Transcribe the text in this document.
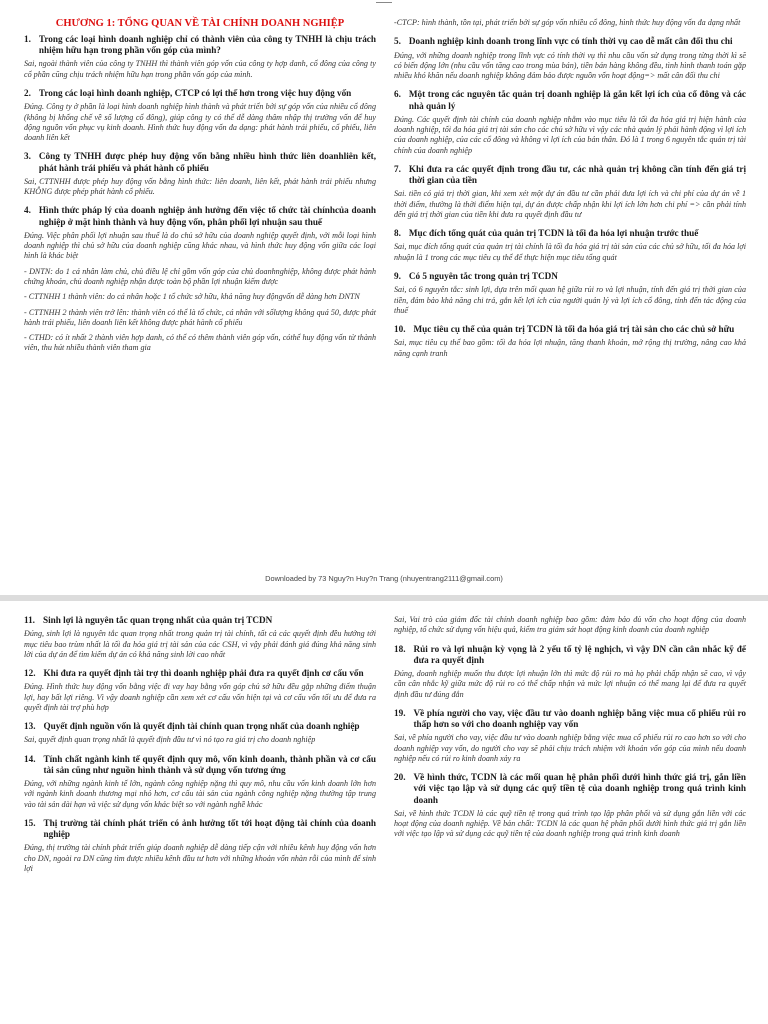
CHƯƠNG 1: TỔNG QUAN VỀ TÀI CHÍNH DOANH NGHIỆP
1. Trong các loại hình doanh nghiệp chỉ có thành viên của công ty TNHH là chịu trách nhiệm hữu hạn trong phần vốn góp của mình?

Sai, ngoài thành viên của công ty TNHH thì thành viên góp vốn của công ty hợp danh, cổ đông của công ty cổ phần cũng chịu trách nhiệm hữu hạn trong phần vốn góp của mình.

2. Trong các loại hình doanh nghiệp, CTCP có lợi thế hơn trong việc huy động vốn

Đúng. Công ty ở phần là loại hình doanh nghiệp hình thành và phát triển bởi sự góp vốn của nhiều cổ đông (không bị khống chế về số lượng cổ đông), giúp công ty có thể dễ dàng thâm nhập thị trường vốn để huy động nguồn vốn phục vụ kinh doanh. Hình thức huy động vốn đa dạng: phát hành trái phiếu, cổ phiếu, liên doanh liên kết

3. Công ty TNHH được phép huy động vốn bằng nhiều hình thức liên doanhliên kết, phát hành trái phiếu và phát hành cổ phiếu

Sai, CTTNHH được phép huy động vốn bằng hình thức: liên doanh, liên kết, phát hành trái phiếu nhưng KHÔNG được phép phát hành cổ phiếu.

4. Hình thức pháp lý của doanh nghiệp ảnh hưởng đến việc tổ chức tài chínhcủa doanh nghiệp ở mặt hình thành và huy động vốn, phân phối lợi nhuận sau thuế

Đúng. Việc phân phối lợi nhuận sau thuế là do chủ sở hữu của doanh nghiệp quyết định, với mỗi loại hình doanh nghiệp thì chủ sở hữu của doanh nghiệp cũng khác nhau, và hình thức huy động vốn giữa các loại hình là khác biệt

- DNTN: do 1 cá nhân làm chủ, chủ điều lệ chỉ gồm vốn góp của chủ doanhnghiệp, không được phát hành chứng khoán, chủ doanh nghiệp nhận được toàn bộ phần lợi nhuận kiếm được

- CTTNHH 1 thành viên: do cá nhân hoặc 1 tổ chức sở hữu, khả năng huy độngvốn dễ dàng hơn DNTN

- CTTNHH 2 thành viên trở lên: thành viên có thể là tổ chức, cá nhân với sốlượng không quá 50, được phát hành trái phiếu, liên doanh liên kết không được phát hành cổ phiếu

- CTHD: có ít nhất 2 thành viên hợp danh, có thể có thêm thành viên góp vốn, cóthể huy động vốn từ thành viên, thu hút nhiều thành viên tham gia

-CTCP: hình thành, tồn tại, phát triển bởi sự góp vốn nhiều cổ đông, hình thức huy động vốn đa dạng nhất

5. Doanh nghiệp kinh doanh trong lĩnh vực có tính thời vụ cao dễ mất cân đối thu chi

Đúng, với những doanh nghiệp trong lĩnh vực có tính thời vụ thì nhu cầu vốn sử dụng trong từng thời kì sẽ có biến động lớn (nhu cầu vốn tăng cao trong mùa bán), tiền bán hàng không đều, tình hình thanh toán gặp nhiều khó khăn nếu doanh nghiệp không đảm bảo được nguồn vốn hoạt động=> mất cân đối thu chi

6. Một trong các nguyên tắc quản trị doanh nghiệp là gắn kết lợi ích của cổ đông và các nhà quản lý

Đúng. Các quyết định tài chính của doanh nghiệp nhằm vào mục tiêu là tối đa hóa giá trị hiện hành của doanh nghiệp, tối đa hóa giá trị tài sản cho các chủ sở hữu vì vậy các nhà quản lý phải hành động vì lợi ích của doanh nghiệp, của các cổ đông và không vì lợi ích của bản thân. Đó là 1 trong 6 nguyên tắc quản trị tài chính của doanh nghiệp

7. Khi đưa ra các quyết định trong đầu tư, các nhà quản trị không cần tính đến giá trị thời gian của tiền

Sai. tiền có giá trị thời gian, khi xem xét một dự án đầu tư cần phải đưa lợi ích và chi phí của dự án về 1 thời điểm, thường là thời điểm hiện tại, dự án được chấp nhận khi lợi ích lớn hơn chi phí => cần phải tính đến giá trị thời gian của tiền khi đưa ra quyết định đầu tư

8. Mục đích tổng quát của quản trị TCDN là tối đa hóa lợi nhuận trước thuế

Sai, mục đích tổng quát của quản trị tài chính là tối đa hóa giá trị tài sản của các chủ sở hữu, tối đa hóa lợi nhuận là 1 trong các mục tiêu cụ thể để thực hiện mục tiêu tổng quát

9. Có 5 nguyên tắc trong quản trị TCDN

Sai, có 6 nguyên tắc: sinh lợi, dựa trên mối quan hệ giữa rủi ro và lợi nhuận, tính đến giá trị thời gian của tiền, đảm bảo khả năng chi trả, gắn kết lợi ích của người quản lý và lợi ích cổ đông, tính đến tác động của thuế

10. Mục tiêu cụ thể của quản trị TCDN là tối đa hóa giá trị tài sản cho các chủ sở hữu

Sai, mục tiêu cụ thể bao gồm: tối đa hóa lợi nhuận, tăng thanh khoản, mở rộng thị trường, nâng cao khả năng cạnh tranh

Downloaded by 73 Nguy?n Huy?n Trang (nhuyentrang2111@gmail.com)
11. Sinh lợi là nguyên tắc quan trọng nhất của quản trị TCDN

Đúng, sinh lợi là nguyên tắc quan trọng nhất trong quản trị tài chính, tất cả các quyết định đều hướng tới mục tiêu bao trùm nhất là tối đa hóa giá trị tài sản của các CSH, vì vậy phải đánh giá đúng khả năng sinh lời của dự án để tìm kiếm dự án có khả năng sinh lời cao nhất

12. Khi đưa ra quyết định tài trợ thì doanh nghiệp phải đưa ra quyết định cơ cấu vốn

Đúng. Hình thức huy động vốn bằng việc đi vay hay bằng vốn góp chủ sở hữu đều gặp những điểm thuận lợi, hay bất lợi riêng. Vì vậy doanh nghiệp cần xem xét cơ cấu vốn hiện tại và cơ cấu vốn tối ưu để đưa ra quyết định tài trợ phù hợp

13. Quyết định nguồn vốn là quyết định tài chính quan trọng nhất của doanh nghiệp

Sai, quyết định quan trọng nhất là quyết định đầu tư vì nó tạo ra giá trị cho doanh nghiệp

14. Tính chất ngành kinh tế quyết định quy mô, vốn kinh doanh, thành phần và cơ cấu tài sản cũng như nguồn hình thành và sử dụng vốn tương ứng

Đúng, với những ngành kinh tế lớn, ngành công nghiệp nặng thì quy mô, nhu cầu vốn kinh doanh lớn hơn với ngành kinh doanh thương mại nhỏ hơn, cơ cấu tài sản của ngành công nghiệp nặng thường tập trung vào tài sản dài hạn và việc sử dụng vốn khác biệt so với ngành nghề khác

15. Thị trường tài chính phát triển có ảnh hưởng tốt tới hoạt động tài chính của doanh nghiệp

Đúng, thị trường tài chính phát triển giúp doanh nghiệp dễ dàng tiếp cận với nhiều kênh huy động vốn hơn cho DN, ngoài ra DN cũng tìm được nhiều kênh đầu tư hơn với những khoản vốn nhàn rỗi của mình để sinh lợi

Sai, Vai trò của giám đốc tài chính doanh nghiệp bao gồm: đảm bảo đủ vốn cho hoạt động của doanh nghiệp, tổ chức sử dụng vốn hiệu quả, kiểm tra giám sát hoạt động kinh doanh của doanh nghiệp

18. Rủi ro và lợi nhuận kỳ vọng là 2 yếu tố tỷ lệ nghịch, vì vậy DN cần cân nhắc kỹ để đưa ra quyết định

Đúng, doanh nghiệp muốn thu được lợi nhuận lớn thì mức độ rủi ro mà họ phải chấp nhận sẽ cao, vì vậy cần cân nhắc kỹ giữa mức độ rủi ro có thể chấp nhận và mức lợi nhuận có thể mang lại để đưa ra quyết định đầu tư đúng đắn

19. Về phía người cho vay, việc đầu tư vào doanh nghiệp bằng việc mua cổ phiếu rủi ro thấp hơn so với cho doanh nghiệp vay vốn

Sai, về phía người cho vay, việc đầu tư vào doanh nghiệp bằng việc mua cổ phiếu rủi ro cao hơn so với cho doanh nghiệp vay vốn, do người cho vay sẽ phải chịu trách nhiệm với khoản vốn góp của mình nếu doanh nghiệp nếu có rủi ro kinh doanh xảy ra

20. Về hình thức, TCDN là các mối quan hệ phân phối dưới hình thức giá trị, gắn liền với việc tạo lập và sử dụng các quỹ tiền tệ của doanh nghiệp trong quá trình kinh doanh

Sai, về hình thức TCDN là các quỹ tiền tệ trong quá trình tạo lập phân phối và sử dụng gắn liền với các hoạt động của doanh nghiệp. Về bản chất: TCDN là các quan hệ phân phối dưới hình thức giá trị gắn liền với việc tạo lập và sử dụng các quỹ tiền tệ của doanh nghiệp trong quá trình kinh doanh
